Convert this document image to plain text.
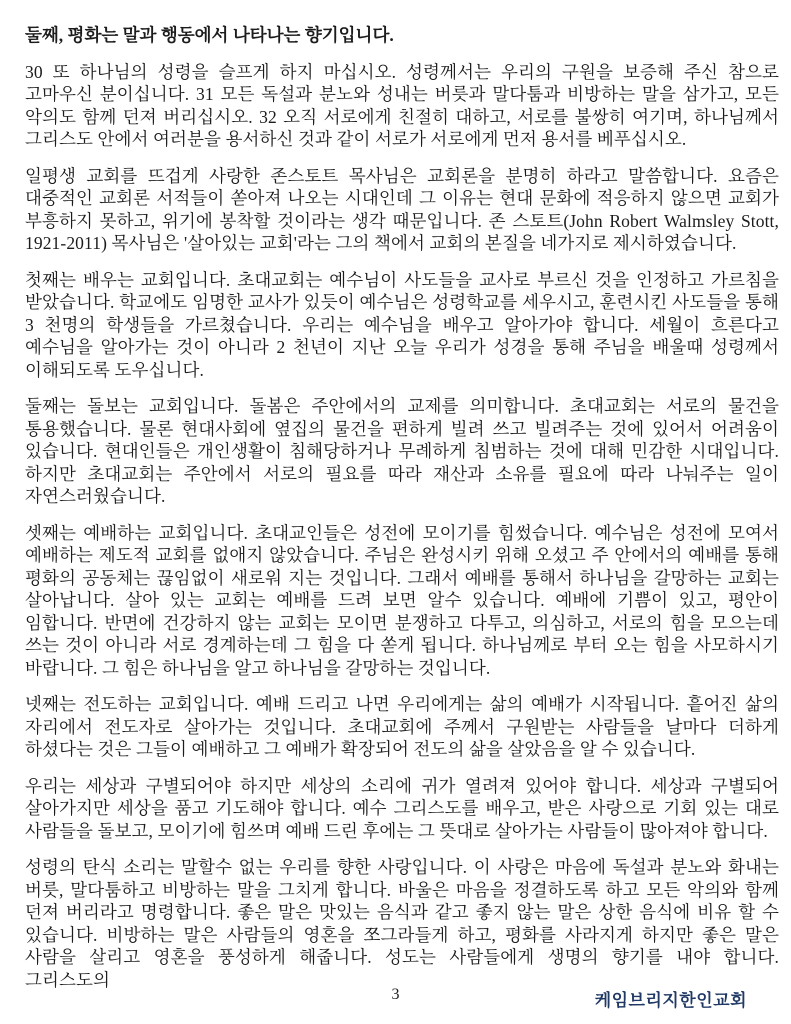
둘째, 평화는 말과 행동에서 나타나는 향기입니다.

30 또 하나님의 성령을 슬프게 하지 마십시오. 성령께서는 우리의 구원을 보증해 주신 참으로 고마우신 분이십니다. 31 모든 독설과 분노와 성내는 버릇과 말다툼과 비방하는 말을 삼가고, 모든 악의도 함께 던져 버리십시오. 32 오직 서로에게 친절히 대하고, 서로를 불쌍히 여기며, 하나님께서 그리스도 안에서 여러분을 용서하신 것과 같이 서로가 서로에게 먼저 용서를 베푸십시오.

일평생 교회를 뜨겁게 사랑한 존스토트 목사님은 교회론을 분명히 하라고 말씀합니다. 요즘은 대중적인 교회론 서적들이 쏟아져 나오는 시대인데 그 이유는 현대 문화에 적응하지 않으면 교회가 부흥하지 못하고, 위기에 봉착할 것이라는 생각 때문입니다. 존 스토트(John Robert Walmsley Stott, 1921-2011) 목사님은 '살아있는 교회'라는 그의 책에서 교회의 본질을 네가지로 제시하였습니다.

첫째는 배우는 교회입니다. 초대교회는 예수님이 사도들을 교사로 부르신 것을 인정하고 가르침을 받았습니다. 학교에도 임명한 교사가 있듯이 예수님은 성령학교를 세우시고, 훈련시킨 사도들을 통해 3 천명의 학생들을 가르쳤습니다. 우리는 예수님을 배우고 알아가야 합니다. 세월이 흐른다고 예수님을 알아가는 것이 아니라 2 천년이 지난 오늘 우리가 성경을 통해 주님을 배울때 성령께서 이해되도록 도우십니다.

둘째는 돌보는 교회입니다. 돌봄은 주안에서의 교제를 의미합니다. 초대교회는 서로의 물건을 통용했습니다. 물론 현대사회에 옆집의 물건을 편하게 빌려 쓰고 빌려주는 것에 있어서 어려움이 있습니다. 현대인들은 개인생활이 침해당하거나 무례하게 침범하는 것에 대해 민감한 시대입니다. 하지만 초대교회는 주안에서 서로의 필요를 따라 재산과 소유를 필요에 따라 나눠주는 일이 자연스러웠습니다.

셋째는 예배하는 교회입니다. 초대교인들은 성전에 모이기를 힘썼습니다. 예수님은 성전에 모여서 예배하는 제도적 교회를 없애지 않았습니다. 주님은 완성시키 위해 오셨고 주 안에서의 예배를 통해 평화의 공동체는 끊임없이 새로워 지는 것입니다. 그래서 예배를 통해서 하나님을 갈망하는 교회는 살아납니다. 살아 있는 교회는 예배를 드려 보면 알수 있습니다. 예배에 기쁨이 있고, 평안이 임합니다. 반면에 건강하지 않는 교회는 모이면 분쟁하고 다투고, 의심하고, 서로의 힘을 모으는데 쓰는 것이 아니라 서로 경계하는데 그 힘을 다 쏟게 됩니다. 하나님께로 부터 오는 힘을 사모하시기 바랍니다. 그 힘은 하나님을 알고 하나님을 갈망하는 것입니다.

넷째는 전도하는 교회입니다. 예배 드리고 나면 우리에게는 삶의 예배가 시작됩니다. 흩어진 삶의 자리에서 전도자로 살아가는 것입니다. 초대교회에 주께서 구원받는 사람들을 날마다 더하게 하셨다는 것은 그들이 예배하고 그 예배가 확장되어 전도의 삶을 살았음을 알 수 있습니다.

우리는 세상과 구별되어야 하지만 세상의 소리에 귀가 열려져 있어야 합니다. 세상과 구별되어 살아가지만 세상을 품고 기도해야 합니다. 예수 그리스도를 배우고, 받은 사랑으로 기회 있는 대로 사람들을 돌보고, 모이기에 힘쓰며 예배 드린 후에는 그 뜻대로 살아가는 사람들이 많아져야 합니다.

성령의 탄식 소리는 말할수 없는 우리를 향한 사랑입니다. 이 사랑은 마음에 독설과 분노와 화내는 버릇, 말다툼하고 비방하는 말을 그치게 합니다. 바울은 마음을 정결하도록 하고 모든 악의와 함께 던져 버리라고 명령합니다. 좋은 말은 맛있는 음식과 같고 좋지 않는 말은 상한 음식에 비유 할 수 있습니다. 비방하는 말은 사람들의 영혼을 쪼그라들게 하고, 평화를 사라지게 하지만 좋은 말은 사람을 살리고 영혼을 풍성하게 해줍니다. 성도는 사람들에게 생명의 향기를 내야 합니다. 그리스도의

3	케임브리지한인교회
